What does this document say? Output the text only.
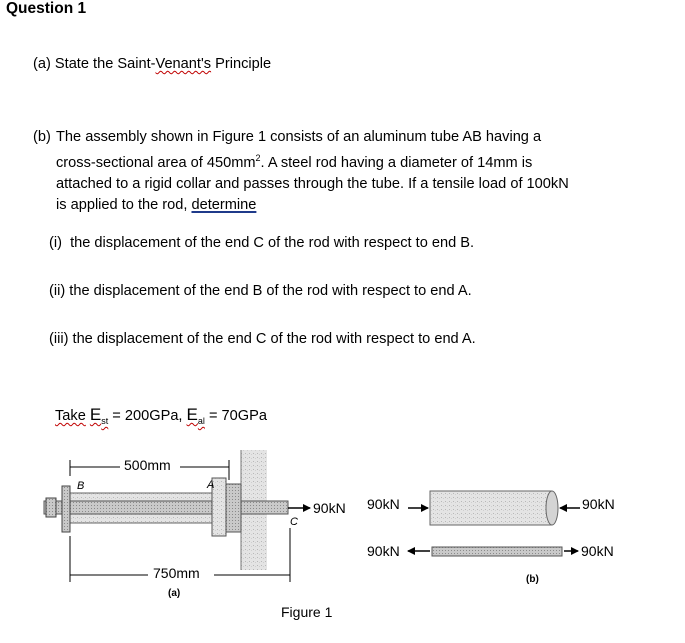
Question 1
(a) State the Saint-Venant's Principle
(b) The assembly shown in Figure 1 consists of an aluminum tube AB having a
cross-sectional area of $450mm^2$. A steel rod having a diameter of 14mm is
attached to a rigid collar and passes through the tube. If a tensile load of 100kN
is applied to the rod, determine
(i) the displacement of the end C of the rod with respect to end B.
(ii) the displacement of the end B of the rod with respect to end A.
(iii) the displacement of the end C of the rod with respect to end A.
Take $E_{st} = 200GPa$, $E_{al} = 70GPa$
500mm
B	A
C
90kN
750mm
(a)
90kN	90kN
90kN	90kN
(b)
Figure 1
